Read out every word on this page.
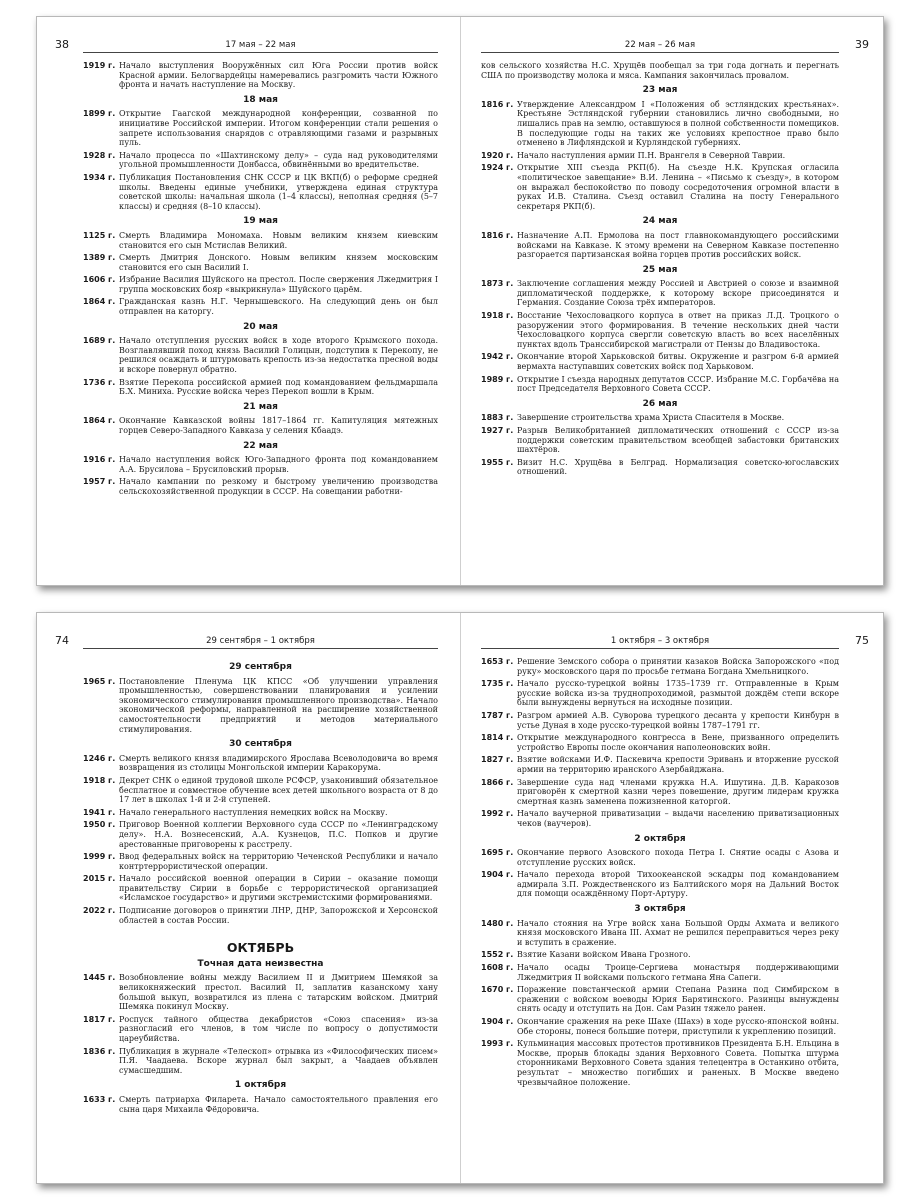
38	17 мая – 22 мая
1919 г. Начало выступления Вооружённых сил Юга России против войск Красной армии. Белогвардейцы намеревались разгромить части Южного фронта и начать наступление на Москву.
18 мая
1899 г. Открытие Гаагской международной конференции, созванной по инициативе Российской империи. Итогом конференции стали решения о запрете использования снарядов с отравляющими газами и разрывных пуль.
1928 г. Начало процесса по «Шахтинскому делу» – суда над руководителями угольной промышленности Донбасса, обвинёнными во вредительстве.
1934 г. Публикация Постановления СНК СССР и ЦК ВКП(б) о реформе средней школы. Введены единые учебники, утверждена единая структура советской школы: начальная школа (1–4 классы), неполная средняя (5–7 классы) и средняя (8–10 классы).
19 мая
1125 г. Смерть Владимира Мономаха. Новым великим князем киевским становится его сын Мстислав Великий.
1389 г. Смерть Дмитрия Донского. Новым великим князем московским становится его сын Василий I.
1606 г. Избрание Василия Шуйского на престол. После свержения Лжедмитрия I группа московских бояр «выкрикнула» Шуйского царём.
1864 г. Гражданская казнь Н.Г. Чернышевского. На следующий день он был отправлен на каторгу.
20 мая
1689 г. Начало отступления русских войск в ходе второго Крымского похода. Возглавлявший поход князь Василий Голицын, подступив к Перекопу, не решился осаждать и штурмовать крепость из-за недостатка пресной воды и вскоре повернул обратно.
1736 г. Взятие Перекопа российской армией под командованием фельдмаршала Б.Х. Миниха. Русские войска через Перекоп вошли в Крым.
21 мая
1864 г. Окончание Кавказской войны 1817–1864 гг. Капитуляция мятежных горцев Северо-Западного Кавказа у селения Кбаадэ.
22 мая
1916 г. Начало наступления войск Юго-Западного фронта под командованием А.А. Брусилова – Брусиловский прорыв.
1957 г. Начало кампании по резкому и быстрому увеличению производства сельскохозяйственной продукции в СССР. На совещании работни-
22 мая – 26 мая	39
ков сельского хозяйства Н.С. Хрущёв пообещал за три года догнать и перегнать США по производству молока и мяса. Кампания закончилась провалом.
23 мая
1816 г. Утверждение Александром I «Положения об эстляндских крестьянах». Крестьяне Эстляндской губернии становились лично свободными, но лишались прав на землю, оставшуюся в полной собственности помещиков. В последующие годы на таких же условиях крепостное право было отменено в Лифляндской и Курляндской губерниях.
1920 г. Начало наступления армии П.Н. Врангеля в Северной Таврии.
1924 г. Открытие XIII съезда РКП(б). На съезде Н.К. Крупская огласила «политическое завещание» В.И. Ленина – «Письмо к съезду», в котором он выражал беспокойство по поводу сосредоточения огромной власти в руках И.В. Сталина. Съезд оставил Сталина на посту Генерального секретаря РКП(б).
24 мая
1816 г. Назначение А.П. Ермолова на пост главнокомандующего российскими войсками на Кавказе. К этому времени на Северном Кавказе постепенно разгорается партизанская война горцев против российских войск.
25 мая
1873 г. Заключение соглашения между Россией и Австрией о союзе и взаимной дипломатической поддержке, к которому вскоре присоединятся и Германия. Создание Союза трёх императоров.
1918 г. Восстание Чехословацкого корпуса в ответ на приказ Л.Д. Троцкого о разоружении этого формирования. В течение нескольких дней части Чехословацкого корпуса свергли советскую власть во всех населённых пунктах вдоль Транссибирской магистрали от Пензы до Владивостока.
1942 г. Окончание второй Харьковской битвы. Окружение и разгром 6-й армией вермахта наступавших советских войск под Харьковом.
1989 г. Открытие I съезда народных депутатов СССР. Избрание М.С. Горбачёва на пост Председателя Верховного Совета СССР.
26 мая
1883 г. Завершение строительства храма Христа Спасителя в Москве.
1927 г. Разрыв Великобританией дипломатических отношений с СССР из-за поддержки советским правительством всеобщей забастовки британских шахтёров.
1955 г. Визит Н.С. Хрущёва в Белград. Нормализация советско-югославских отношений.
74	29 сентября – 1 октября
29 сентября
1965 г. Постановление Пленума ЦК КПСС «Об улучшении управления промышленностью, совершенствовании планирования и усилении экономического стимулирования промышленного производства». Начало экономической реформы, направленной на расширение хозяйственной самостоятельности предприятий и методов материального стимулирования.
30 сентября
1246 г. Смерть великого князя владимирского Ярослава Всеволодовича во время возвращения из столицы Монгольской империи Каракорума.
1918 г. Декрет СНК о единой трудовой школе РСФСР, узаконивший обязательное бесплатное и совместное обучение всех детей школьного возраста от 8 до 17 лет в школах 1-й и 2-й ступеней.
1941 г. Начало генерального наступления немецких войск на Москву.
1950 г. Приговор Военной коллегии Верховного суда СССР по «Ленинградскому делу». Н.А. Вознесенский, А.А. Кузнецов, П.С. Попков и другие арестованные приговорены к расстрелу.
1999 г. Ввод федеральных войск на территорию Чеченской Республики и начало контртеррористической операции.
2015 г. Начало российской военной операции в Сирии – оказание помощи правительству Сирии в борьбе с террористической организацией «Исламское государство» и другими экстремистскими формированиями.
2022 г. Подписание договоров о принятии ЛНР, ДНР, Запорожской и Херсонской областей в состав России.
ОКТЯБРЬ
Точная дата неизвестна
1445 г. Возобновление войны между Василием II и Дмитрием Шемякой за великокняжеский престол. Василий II, заплатив казанскому хану большой выкуп, возвратился из плена с татарским войском. Дмитрий Шемяка покинул Москву.
1817 г. Роспуск тайного общества декабристов «Союз спасения» из-за разногласий его членов, в том числе по вопросу о допустимости цареубийства.
1836 г. Публикация в журнале «Телескоп» отрывка из «Философических писем» П.Я. Чаадаева. Вскоре журнал был закрыт, а Чаадаев объявлен сумасшедшим.
1 октября
1633 г. Смерть патриарха Филарета. Начало самостоятельного правления его сына царя Михаила Фёдоровича.
1 октября – 3 октября	75
1653 г. Решение Земского собора о принятии казаков Войска Запорожского «под руку» московского царя по просьбе гетмана Богдана Хмельницкого.
1735 г. Начало русско-турецкой войны 1735–1739 гг. Отправленные в Крым русские войска из-за труднопроходимой, размытой дождём степи вскоре были вынуждены вернуться на исходные позиции.
1787 г. Разгром армией А.В. Суворова турецкого десанта у крепости Кинбурн в устье Дуная в ходе русско-турецкой войны 1787–1791 гг.
1814 г. Открытие международного конгресса в Вене, призванного определить устройство Европы после окончания наполеоновских войн.
1827 г. Взятие войсками И.Ф. Паскевича крепости Эривань и вторжение русской армии на территорию иранского Азербайджана.
1866 г. Завершение суда над членами кружка Н.А. Ишутина. Д.В. Каракозов приговорён к смертной казни через повешение, другим лидерам кружка смертная казнь заменена пожизненной каторгой.
1992 г. Начало ваучерной приватизации – выдачи населению приватизационных чеков (ваучеров).
2 октября
1695 г. Окончание первого Азовского похода Петра I. Снятие осады с Азова и отступление русских войск.
1904 г. Начало перехода второй Тихоокеанской эскадры под командованием адмирала З.П. Рождественского из Балтийского моря на Дальний Восток для помощи осаждённому Порт-Артуру.
3 октября
1480 г. Начало стояния на Угре войск хана Большой Орды Ахмата и великого князя московского Ивана III. Ахмат не решился переправиться через реку и вступить в сражение.
1552 г. Взятие Казани войском Ивана Грозного.
1608 г. Начало осады Троице-Сергиева монастыря поддерживающими Лжедмитрия II войсками польского гетмана Яна Сапеги.
1670 г. Поражение повстанческой армии Степана Разина под Симбирском в сражении с войском воеводы Юрия Барятинского. Разинцы вынуждены снять осаду и отступить на Дон. Сам Разин тяжело ранен.
1904 г. Окончание сражения на реке Шахе (Шахэ) в ходе русско-японской войны. Обе стороны, понеся большие потери, приступили к укреплению позиций.
1993 г. Кульминация массовых протестов противников Президента Б.Н. Ельцина в Москве, прорыв блокады здания Верховного Совета. Попытка штурма сторонниками Верховного Совета здания телецентра в Останкино отбита, результат – множество погибших и раненых. В Москве введено чрезвычайное положение.
